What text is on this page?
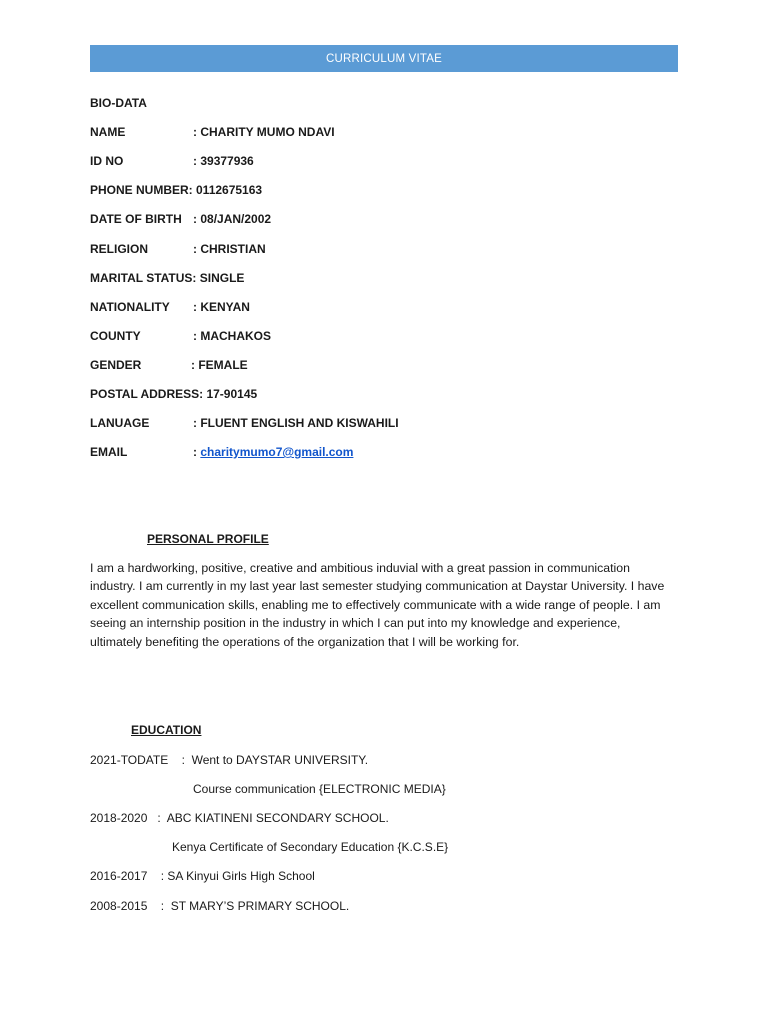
CURRICULUM VITAE
BIO-DATA
NAME	: CHARITY MUMO NDAVI
ID NO	: 39377936
PHONE NUMBER: 0112675163
DATE OF BIRTH : 08/JAN/2002
RELIGION	: CHRISTIAN
MARITAL STATUS: SINGLE
NATIONALITY : KENYAN
COUNTY	: MACHAKOS
GENDER	: FEMALE
POSTAL ADDRESS: 17-90145
LANUAGE	: FLUENT ENGLISH AND KISWAHILI
EMAIL	: charitymumo7@gmail.com
PERSONAL PROFILE
I am a hardworking, positive, creative and ambitious induvial with a great passion in communication industry. I am currently in my last year last semester studying communication at Daystar University. I have excellent communication skills, enabling me to effectively communicate with a wide range of people. I am seeing an internship position in the industry in which I can put into my knowledge and experience, ultimately benefiting the operations of the organization that I will be working for.
EDUCATION
2021-TODATE    :  Went to DAYSTAR UNIVERSITY.
Course communication {ELECTRONIC MEDIA}
2018-2020   :  ABC KIATINENI SECONDARY SCHOOL.
Kenya Certificate of Secondary Education {K.C.S.E}
2016-2017    : SA Kinyui Girls High School
2008-2015    :  ST MARY’S PRIMARY SCHOOL.
